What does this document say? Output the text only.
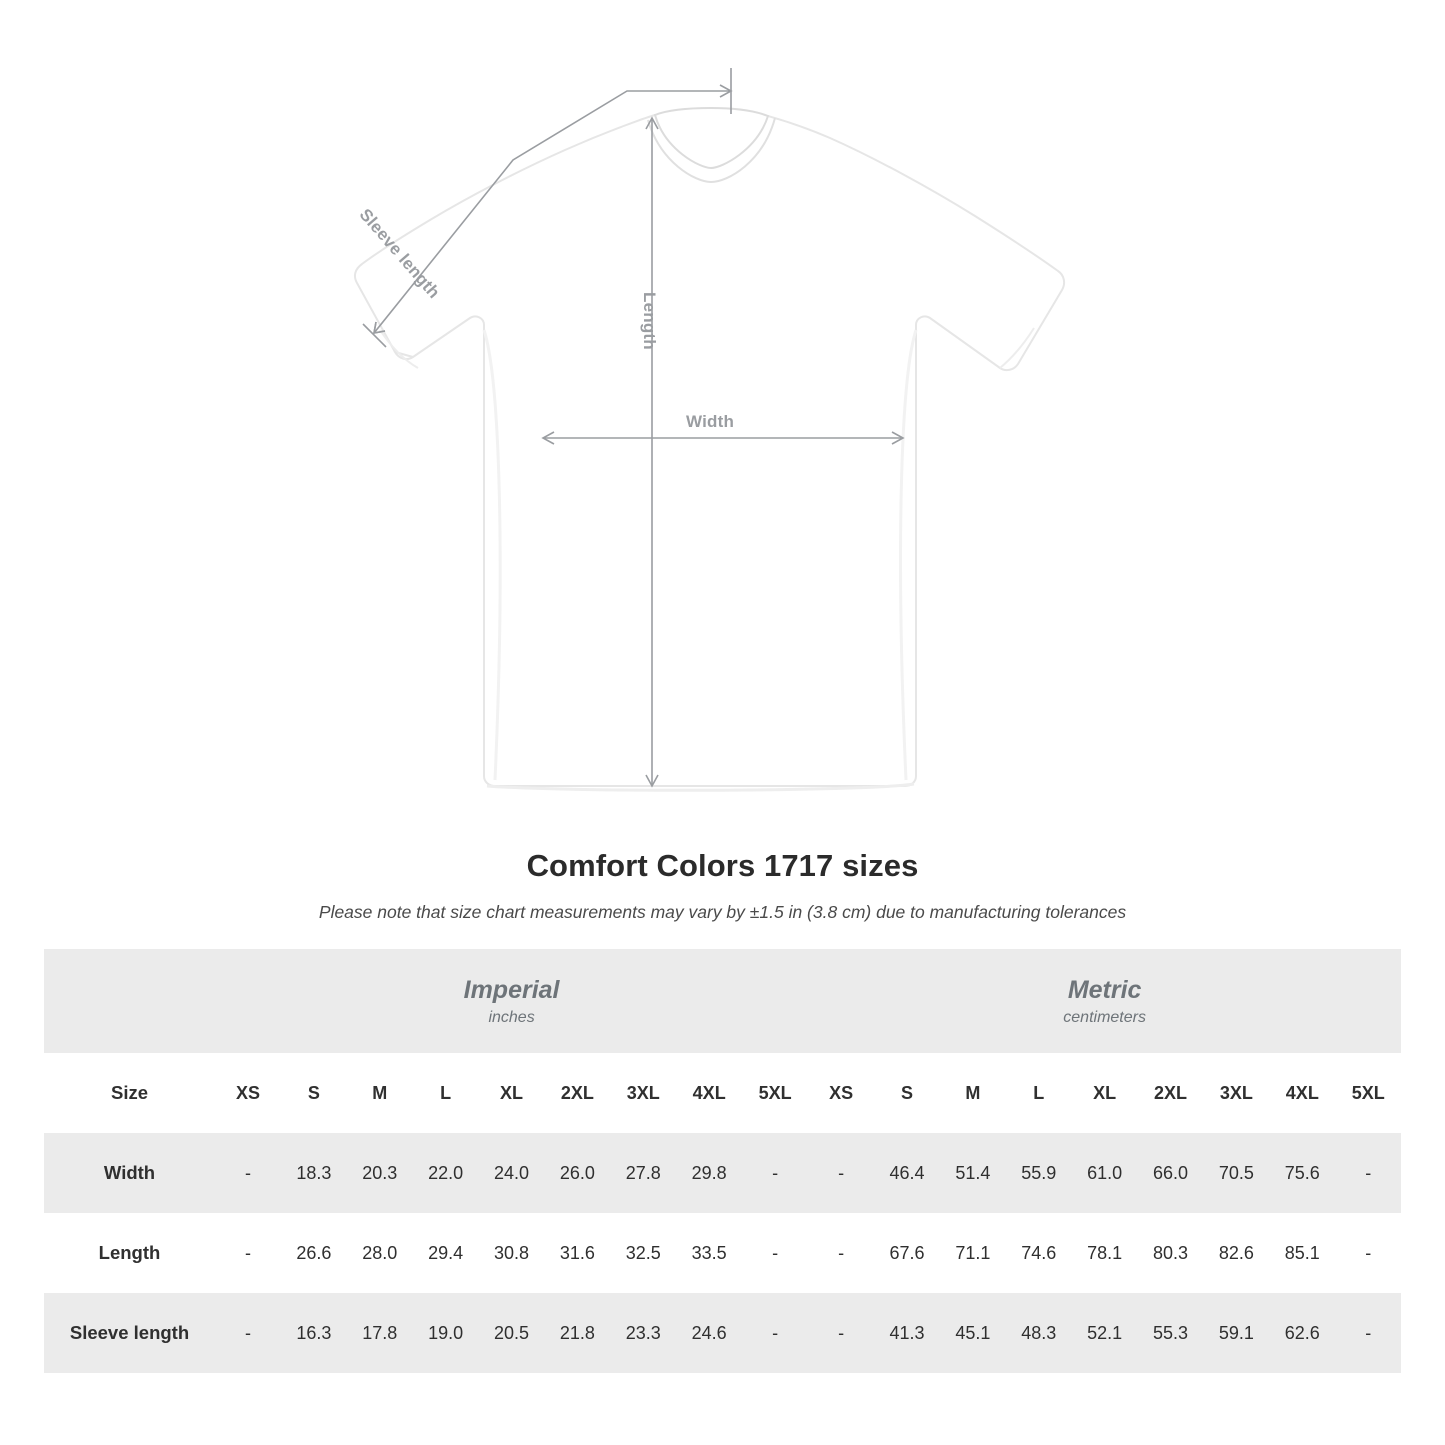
Sleeve length
Length
Width
Comfort Colors 1717 sizes
Please note that size chart measurements may vary by ±1.5 in (3.8 cm) due to manufacturing tolerances

Imperial
inches

Metric
centimeters

Size	XS	S	M	L	XL	2XL	3XL	4XL	5XL	XS	S	M	L	XL	2XL	3XL	4XL	5XL
Width	-	18.3	20.3	22.0	24.0	26.0	27.8	29.8	-	-	46.4	51.4	55.9	61.0	66.0	70.5	75.6	-
Length	-	26.6	28.0	29.4	30.8	31.6	32.5	33.5	-	-	67.6	71.1	74.6	78.1	80.3	82.6	85.1	-
Sleeve length	-	16.3	17.8	19.0	20.5	21.8	23.3	24.6	-	-	41.3	45.1	48.3	52.1	55.3	59.1	62.6	-
